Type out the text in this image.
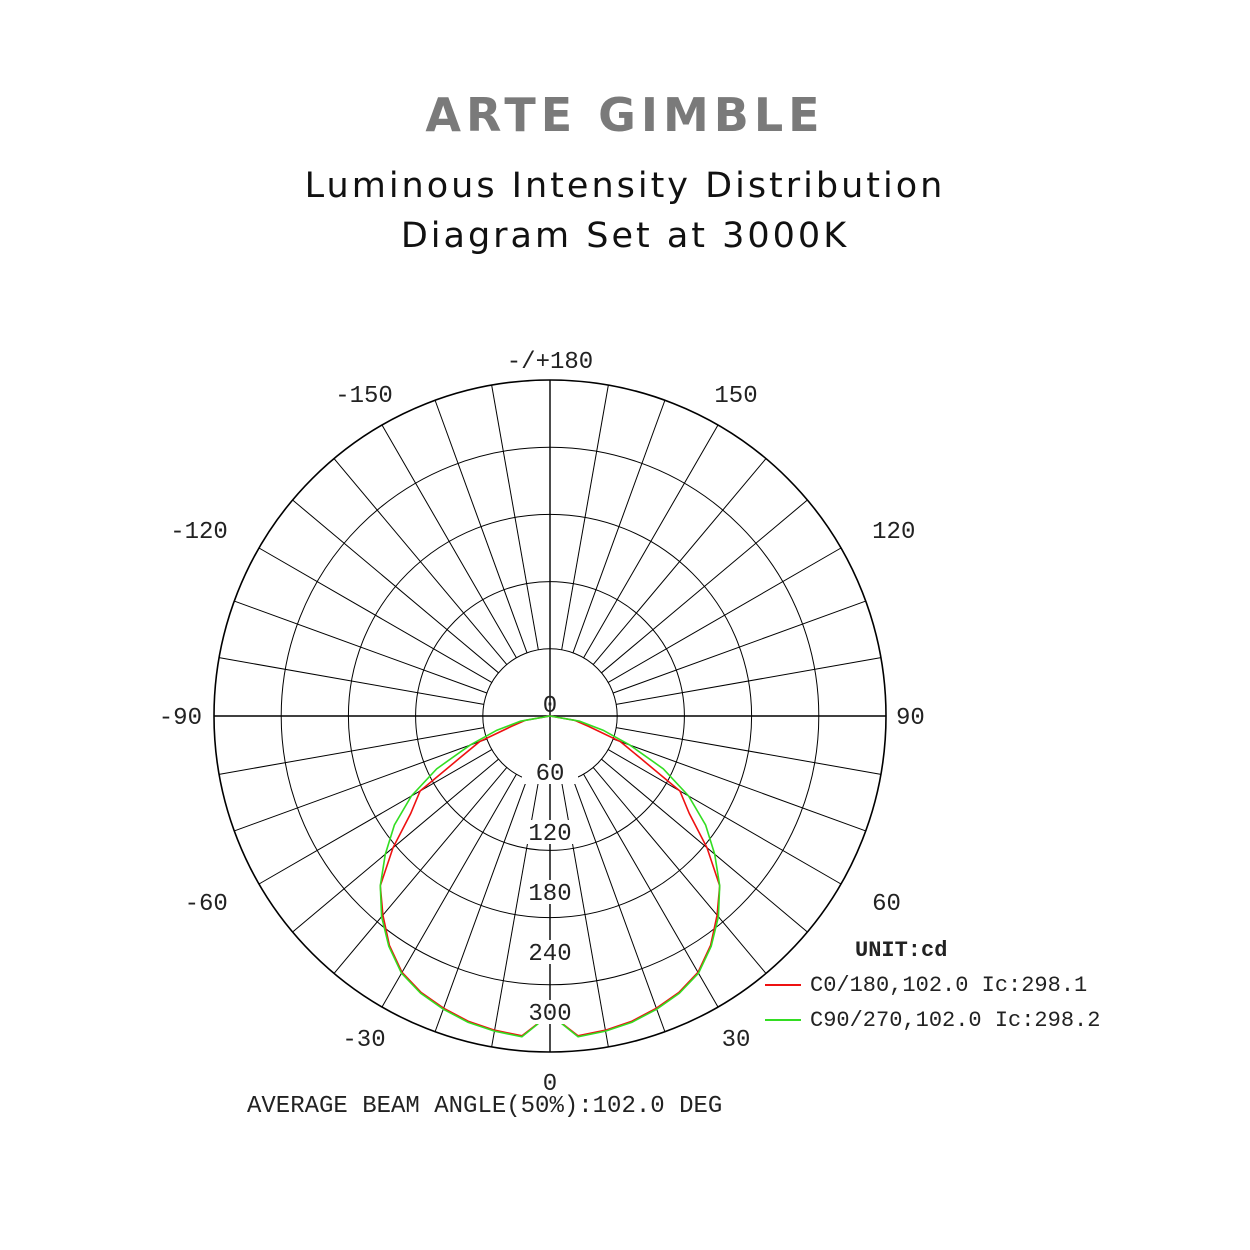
ARTE GIMBLE
Luminous Intensity Distribution
Diagram Set at 3000K
0
30
60
90
120
150
-/+180
-150
-120
-90
-60
-30
0
60
120
180
240
300
UNIT:cd
C0/180,102.0 Ic:298.1
C90/270,102.0 Ic:298.2
AVERAGE BEAM ANGLE(50%):102.0 DEG
